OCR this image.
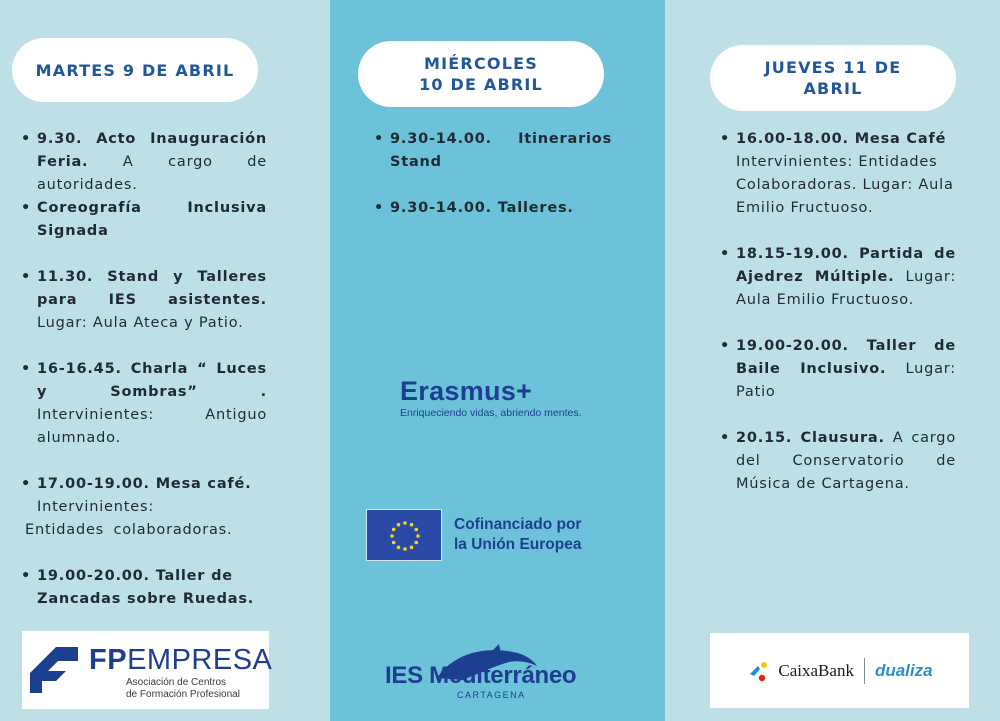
MARTES 9 DE ABRIL	MIÉRCOLES
10 DE ABRIL
JUEVES 11 DE
ABRIL
• 9.30. Acto Inauguración Feria. A cargo de autoridades.
• Coreografía Inclusiva Signada
• 11.30. Stand y Talleres para IES asistentes. Lugar: Aula Ateca y Patio.
• 16-16.45. Charla “ Luces y Sombras” . Intervinientes: Antiguo alumnado.
• 17.00-19.00. Mesa café.
Intervinientes:
Entidades colaboradoras.
• 19.00-20.00. Taller de Zancadas sobre Ruedas.
• 9.30-14.00. Itinerarios Stand
• 9.30-14.00. Talleres.
Erasmus+
Enriqueciendo vidas, abriendo mentes.
Cofinanciado por
la Unión Europea
IES Mediterráneo
CARTAGENA
• 16.00-18.00. Mesa Café Intervinientes: Entidades Colaboradoras. Lugar: Aula Emilio Fructuoso.
• 18.15-19.00. Partida de Ajedrez Múltiple. Lugar: Aula Emilio Fructuoso.
• 19.00-20.00. Taller de Baile Inclusivo. Lugar: Patio
• 20.15. Clausura. A cargo del Conservatorio de Música de Cartagena.
FPEMPRESA
Asociación de Centros
de Formación Profesional
CaixaBank dualiza
